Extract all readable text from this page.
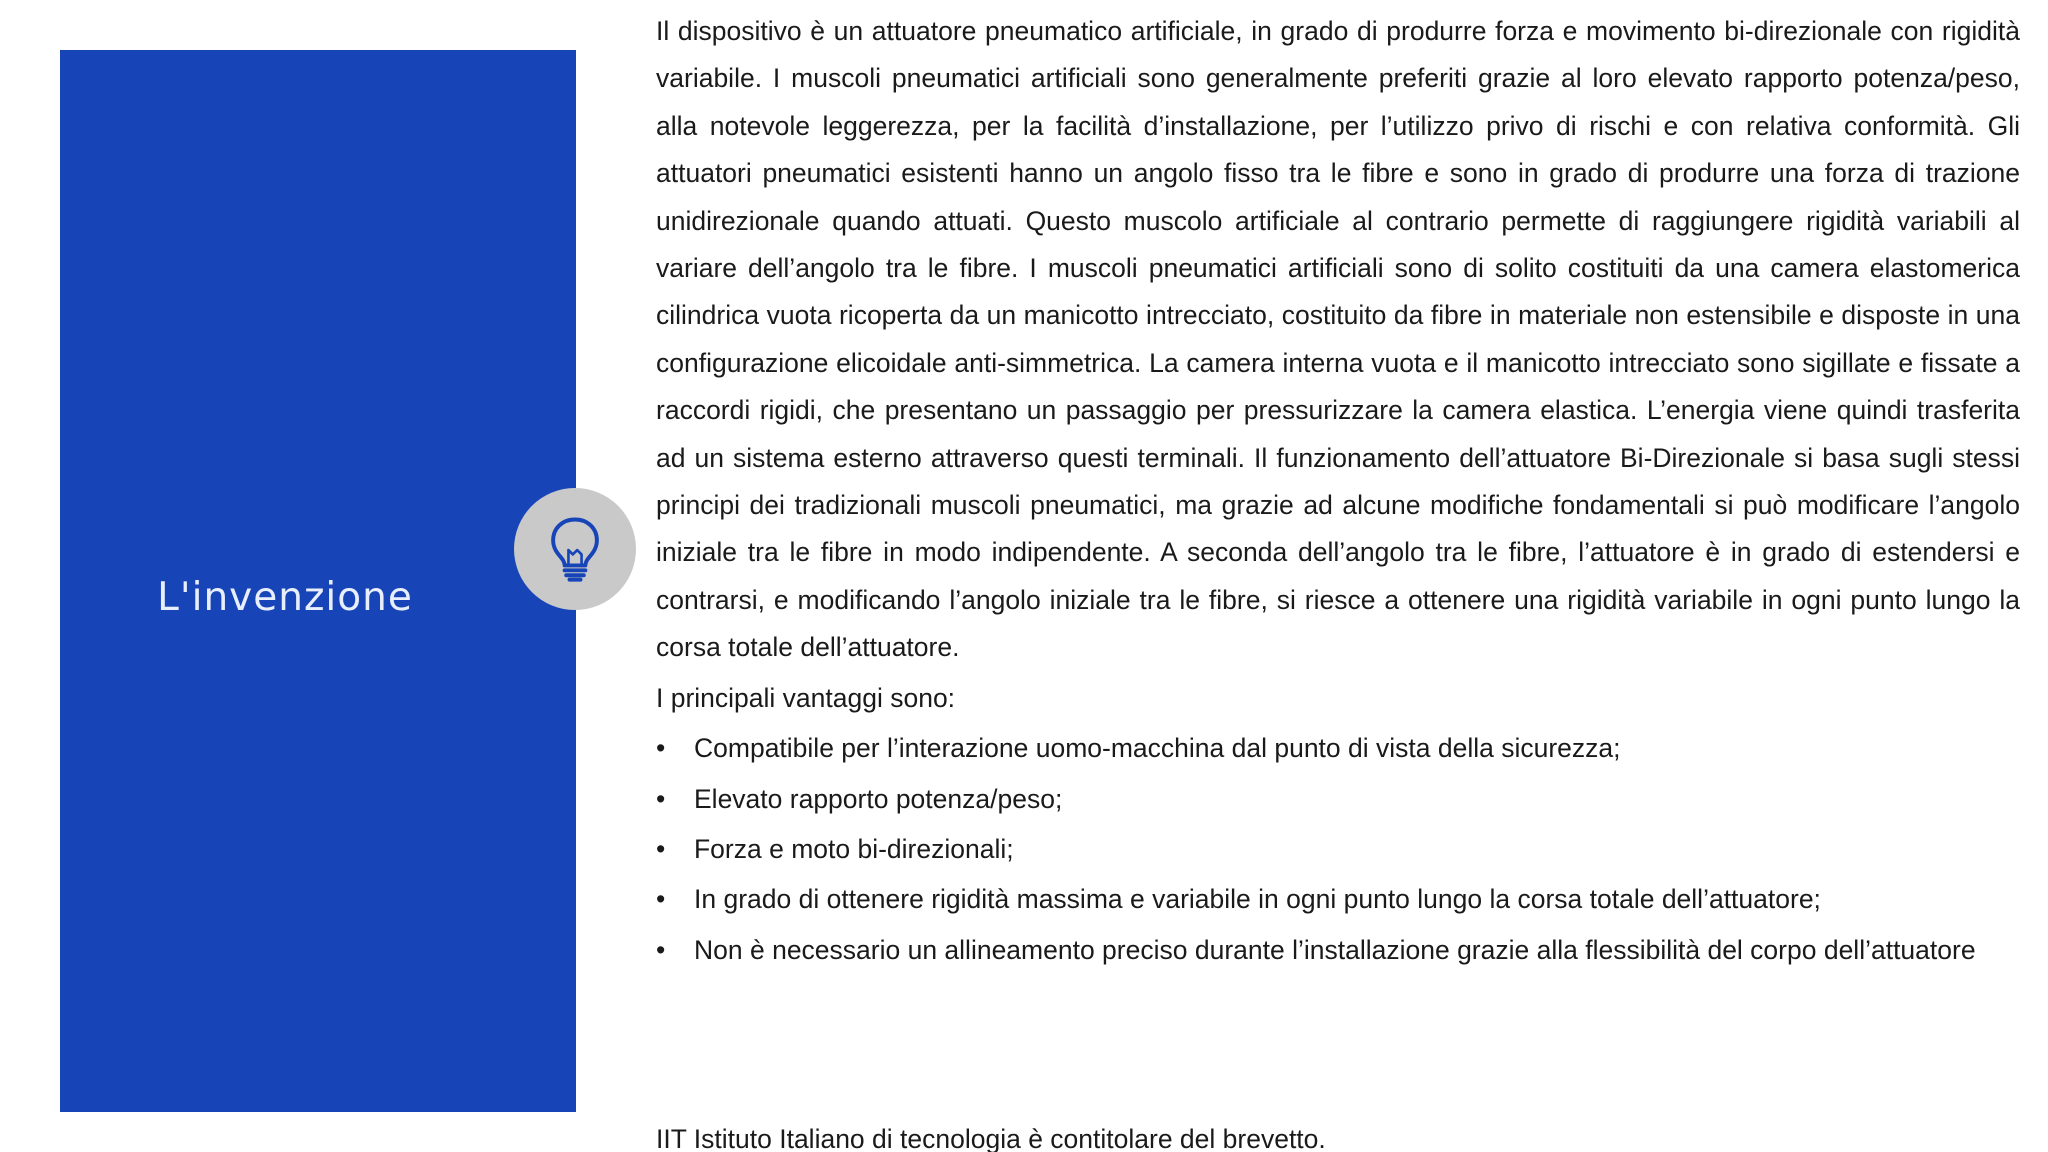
L'invenzione

Il dispositivo è un attuatore pneumatico artificiale, in grado di produrre forza e movimento bi-direzionale con rigidità variabile. I muscoli pneumatici artificiali sono generalmente preferiti grazie al loro elevato rapporto potenza/peso, alla notevole leggerezza, per la facilità d’installazione, per l’utilizzo privo di rischi e con relativa conformità. Gli attuatori pneumatici esistenti hanno un angolo fisso tra le fibre e sono in grado di produrre una forza di trazione unidirezionale quando attuati. Questo muscolo artificiale al contrario permette di raggiungere rigidità variabili al variare dell’angolo tra le fibre. I muscoli pneumatici artificiali sono di solito costituiti da una camera elastomerica cilindrica vuota ricoperta da un manicotto intrecciato, costituito da fibre in materiale non estensibile e disposte in una configurazione elicoidale anti-simmetrica. La camera interna vuota e il manicotto intrecciato sono sigillate e fissate a raccordi rigidi, che presentano un passaggio per pressurizzare la camera elastica. L’energia viene quindi trasferita ad un sistema esterno attraverso questi terminali. Il funzionamento dell’attuatore Bi-Direzionale si basa sugli stessi principi dei tradizionali muscoli pneumatici, ma grazie ad alcune modifiche fondamentali si può modificare l’angolo iniziale tra le fibre in modo indipendente. A seconda dell’angolo tra le fibre, l’attuatore è in grado di estendersi e contrarsi, e modificando l’angolo iniziale tra le fibre, si riesce a ottenere una rigidità variabile in ogni punto lungo la corsa totale dell’attuatore.

I principali vantaggi sono:
• Compatibile per l’interazione uomo-macchina dal punto di vista della sicurezza;
• Elevato rapporto potenza/peso;
• Forza e moto bi-direzionali;
• In grado di ottenere rigidità massima e variabile in ogni punto lungo la corsa totale dell’attuatore;
• Non è necessario un allineamento preciso durante l’installazione grazie alla flessibilità del corpo dell’attuatore
IIT Istituto Italiano di tecnologia è contitolare del brevetto.
